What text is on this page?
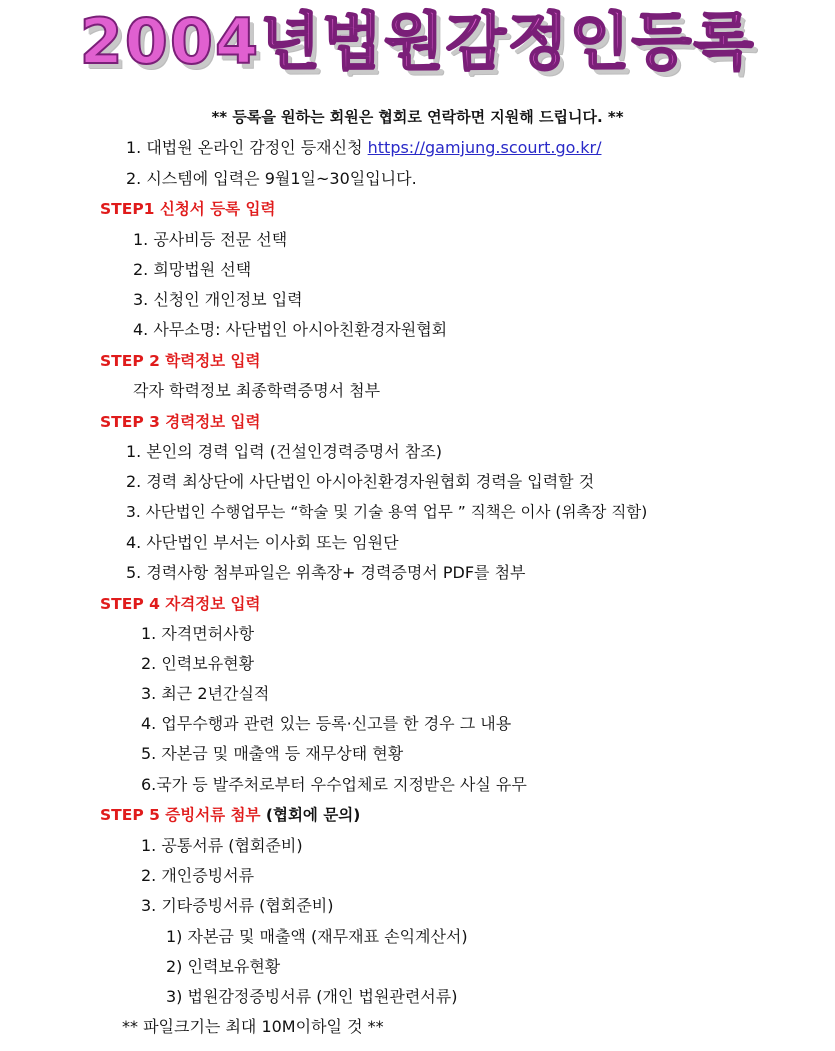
2004년법원감정인등록
** 등록을 원하는 회원은 협회로 연락하면 지원해 드립니다. **
1. 대법원 온라인 감정인 등재신청 https://gamjung.scourt.go.kr/
2. 시스템에 입력은 9월1일~30일입니다.
STEP1 신청서 등록 입력
1. 공사비등 전문 선택
2. 희망법원 선택
3. 신청인 개인정보 입력
4. 사무소명: 사단법인 아시아친환경자원협회
STEP 2 학력정보 입력
각자 학력정보 최종학력증명서 첨부
STEP 3 경력정보 입력
1. 본인의 경력 입력 (건설인경력증명서 참조)
2. 경력 최상단에 사단법인 아시아친환경자원협회 경력을 입력할 것
3. 사단법인 수행업무는 “학술 및 기술 용역 업무 ” 직책은 이사 (위촉장 직함)
4. 사단법인 부서는 이사회 또는 임원단
5. 경력사항 첨부파일은 위촉장+ 경력증명서 PDF를 첨부
STEP 4 자격정보 입력
1. 자격면허사항
2. 인력보유현황
3. 최근 2년간실적
4. 업무수행과 관련 있는 등록·신고를 한 경우 그 내용
5. 자본금 및 매출액 등 재무상태 현황
6.국가 등 발주처로부터 우수업체로 지정받은 사실 유무
STEP 5 증빙서류 첨부 (협회에 문의)
1. 공통서류 (협회준비)
2. 개인증빙서류
3. 기타증빙서류 (협회준비)
1) 자본금 및 매출액 (재무재표 손익계산서)
2) 인력보유현황
3) 법원감정증빙서류 (개인 법원관련서류)
** 파일크기는 최대 10M이하일 것 **
